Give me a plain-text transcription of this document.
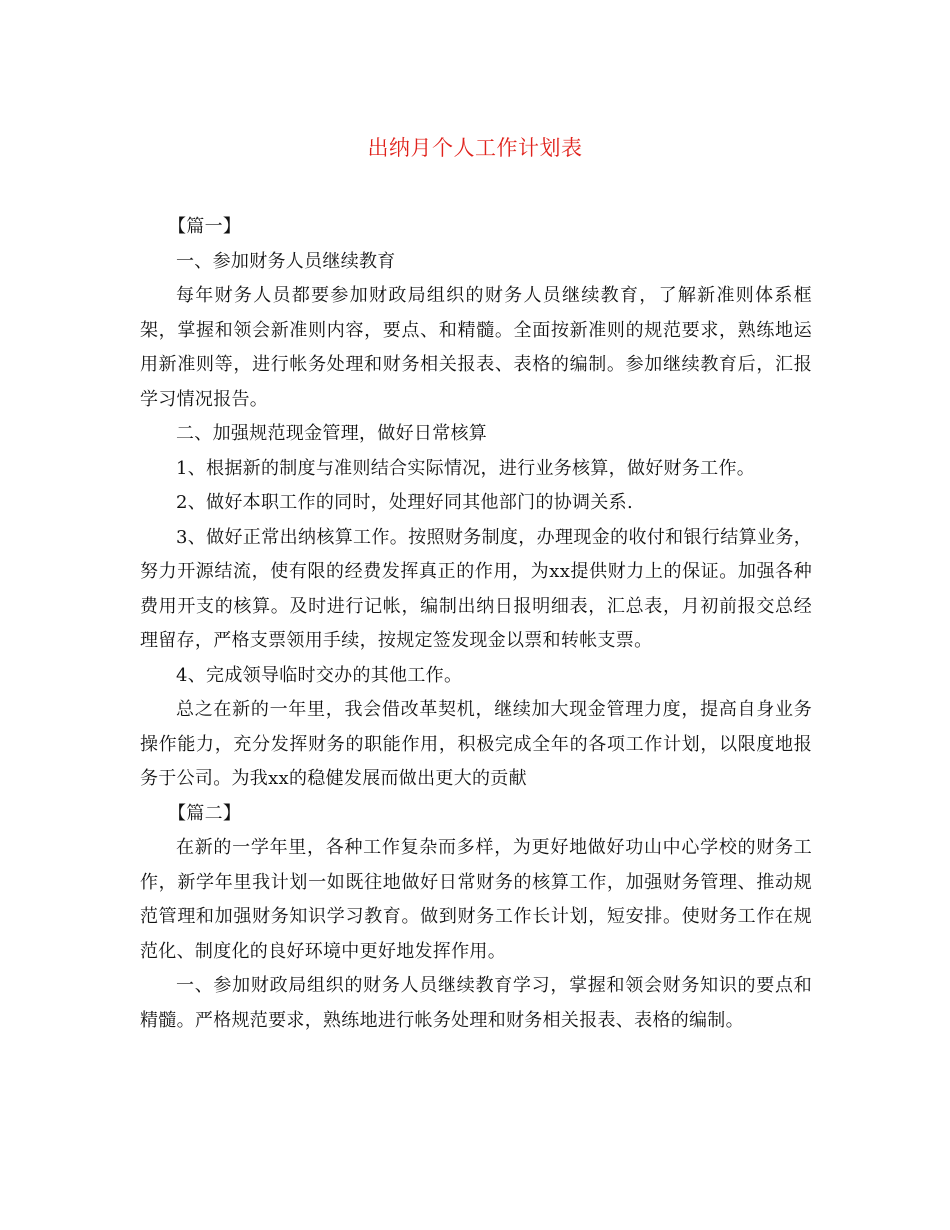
出纳月个人工作计划表

【篇一】

一、参加财务人员继续教育

每年财务人员都要参加财政局组织的财务人员继续教育，了解新准则体系框架，掌握和领会新准则内容，要点、和精髓。全面按新准则的规范要求，熟练地运用新准则等，进行帐务处理和财务相关报表、表格的编制。参加继续教育后，汇报学习情况报告。

二、加强规范现金管理，做好日常核算

1、根据新的制度与准则结合实际情况，进行业务核算，做好财务工作。

2、做好本职工作的同时，处理好同其他部门的协调关系.

3、做好正常出纳核算工作。按照财务制度，办理现金的收付和银行结算业务，努力开源结流，使有限的经费发挥真正的作用，为xx提供财力上的保证。加强各种费用开支的核算。及时进行记帐，编制出纳日报明细表，汇总表，月初前报交总经理留存，严格支票领用手续，按规定签发现金以票和转帐支票。

4、完成领导临时交办的其他工作。

总之在新的一年里，我会借改革契机，继续加大现金管理力度，提高自身业务操作能力，充分发挥财务的职能作用，积极完成全年的各项工作计划，以限度地报务于公司。为我xx的稳健发展而做出更大的贡献

【篇二】

在新的一学年里，各种工作复杂而多样，为更好地做好功山中心学校的财务工作，新学年里我计划一如既往地做好日常财务的核算工作，加强财务管理、推动规范管理和加强财务知识学习教育。做到财务工作长计划，短安排。使财务工作在规范化、制度化的良好环境中更好地发挥作用。

一、参加财政局组织的财务人员继续教育学习，掌握和领会财务知识的要点和精髓。严格规范要求，熟练地进行帐务处理和财务相关报表、表格的编制。
